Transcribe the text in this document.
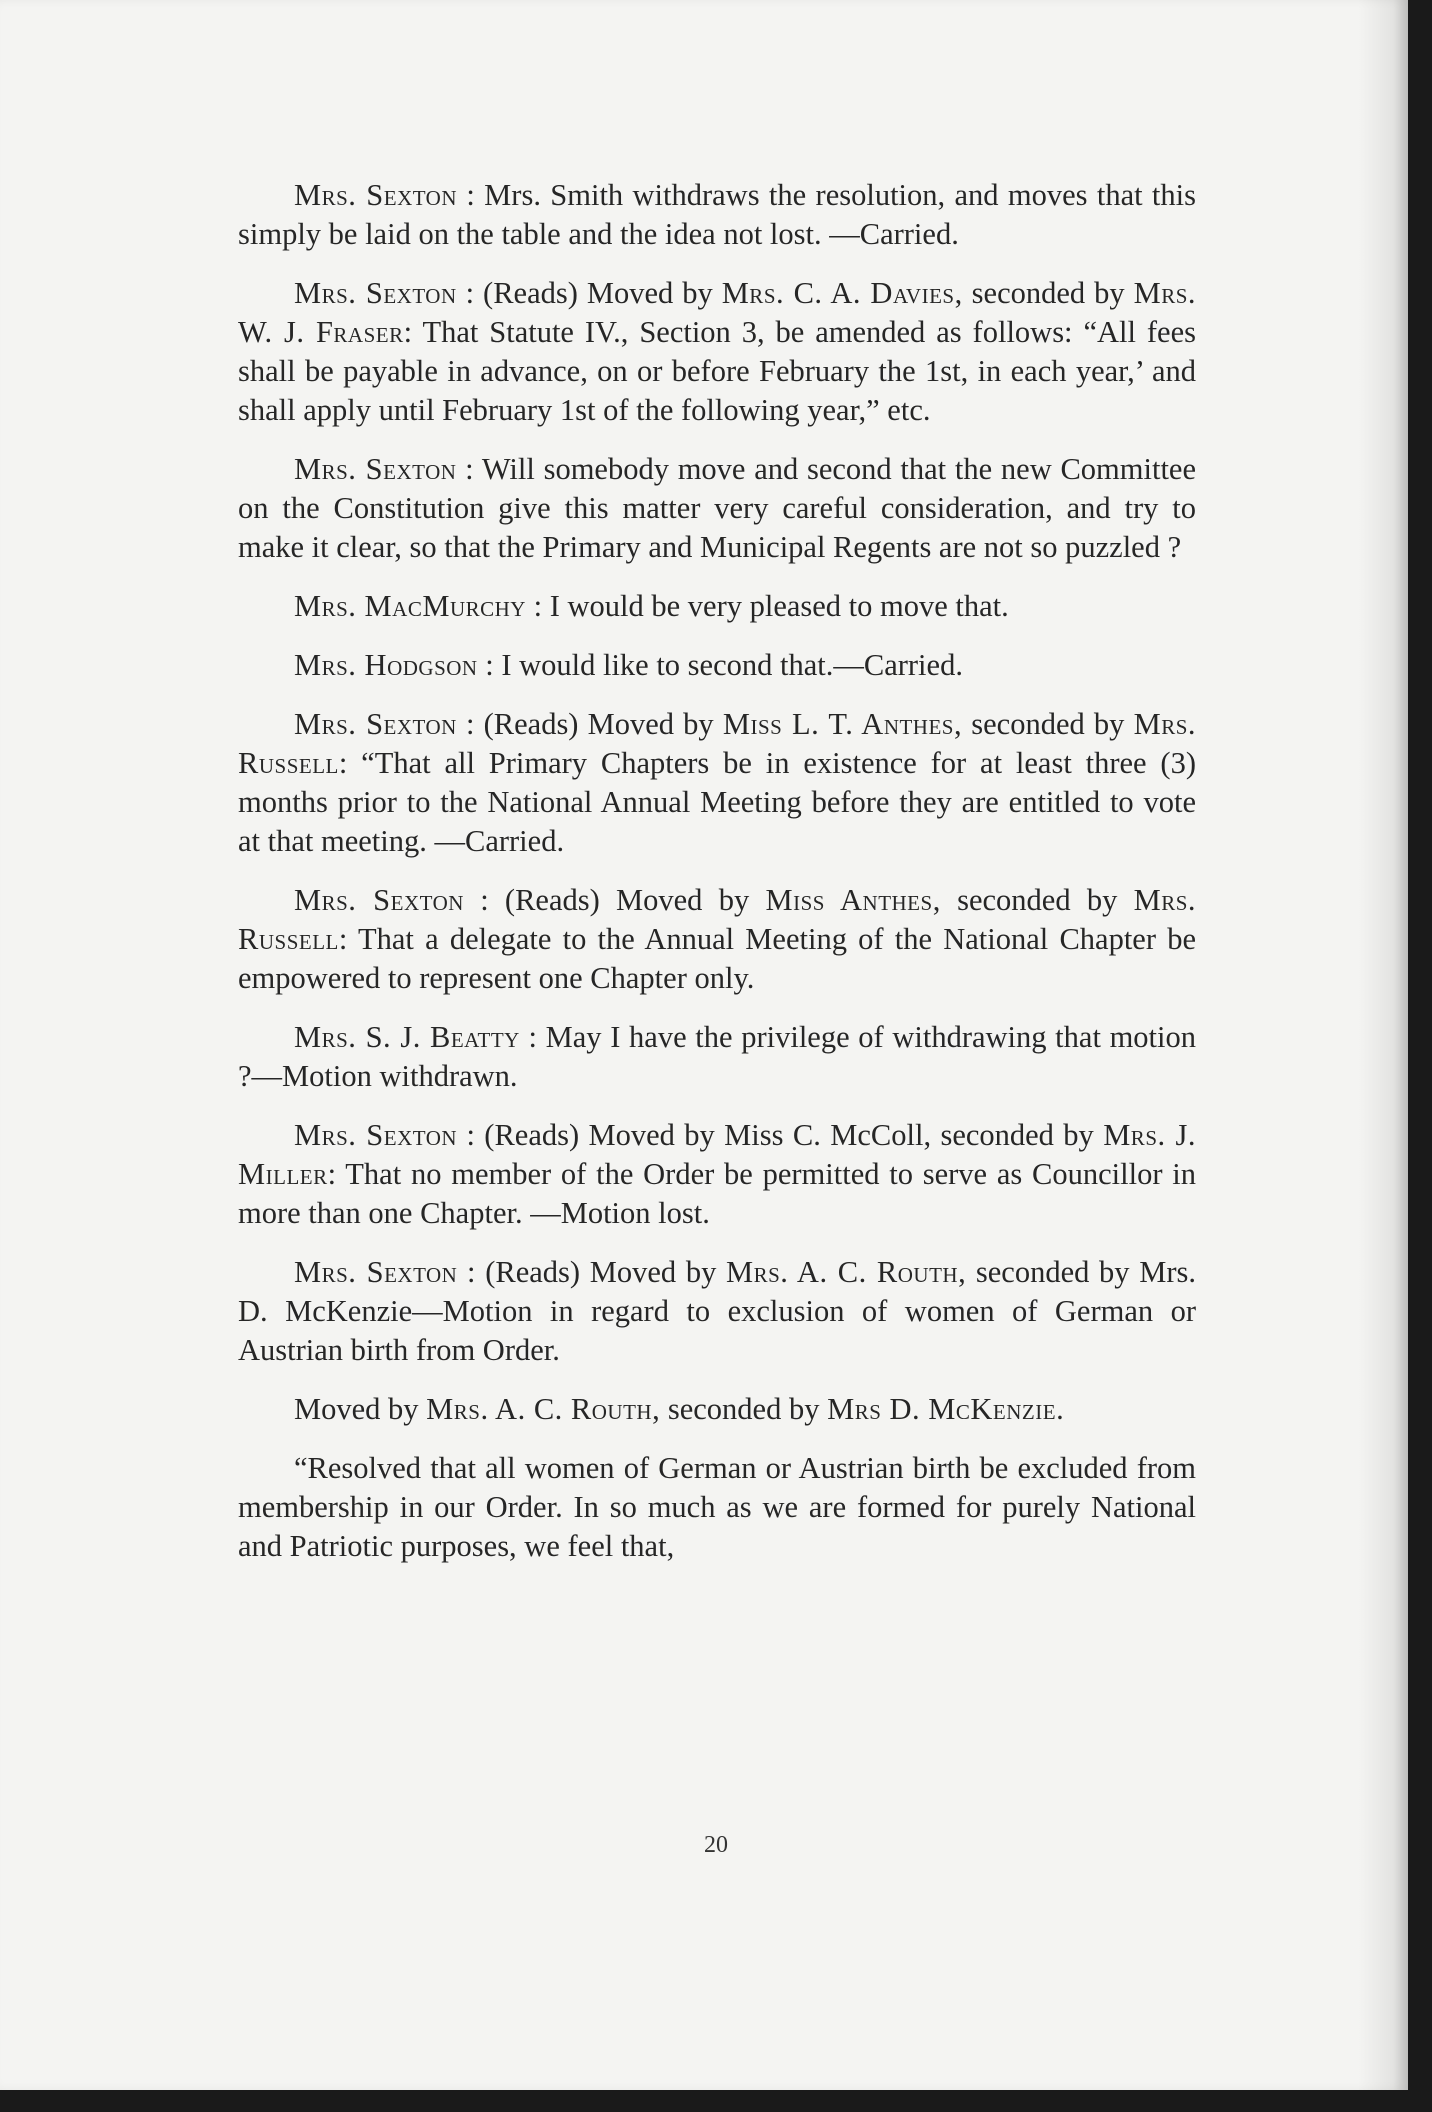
Mrs. Sexton : Mrs. Smith withdraws the resolution, and moves that this simply be laid on the table and the idea not lost. —Carried.

Mrs. Sexton : (Reads) Moved by Mrs. C. A. Davies, seconded by Mrs. W. J. Fraser: That Statute IV., Section 3, be amended as follows: “All fees shall be payable in advance, on or before February the 1st, in each year,’ and shall apply until February 1st of the following year,” etc.

Mrs. Sexton : Will somebody move and second that the new Committee on the Constitution give this matter very careful consideration, and try to make it clear, so that the Primary and Municipal Regents are not so puzzled ?

Mrs. MacMurchy : I would be very pleased to move that.

Mrs. Hodgson : I would like to second that.—Carried.

Mrs. Sexton : (Reads) Moved by Miss L. T. Anthes, seconded by Mrs. Russell: “That all Primary Chapters be in existence for at least three (3) months prior to the National Annual Meeting before they are entitled to vote at that meeting. —Carried.

Mrs. Sexton : (Reads) Moved by Miss Anthes, seconded by Mrs. Russell: That a delegate to the Annual Meeting of the National Chapter be empowered to represent one Chapter only.

Mrs. S. J. Beatty : May I have the privilege of withdrawing that motion ?—Motion withdrawn.

Mrs. Sexton : (Reads) Moved by Miss C. McColl, seconded by Mrs. J. Miller: That no member of the Order be permitted to serve as Councillor in more than one Chapter. —Motion lost.

Mrs. Sexton : (Reads) Moved by Mrs. A. C. Routh, seconded by Mrs. D. McKenzie—Motion in regard to exclusion of women of German or Austrian birth from Order.

Moved by Mrs. A. C. Routh, seconded by Mrs D. McKenzie.

“Resolved that all women of German or Austrian birth be excluded from membership in our Order. In so much as we are formed for purely National and Patriotic purposes, we feel that,

20
